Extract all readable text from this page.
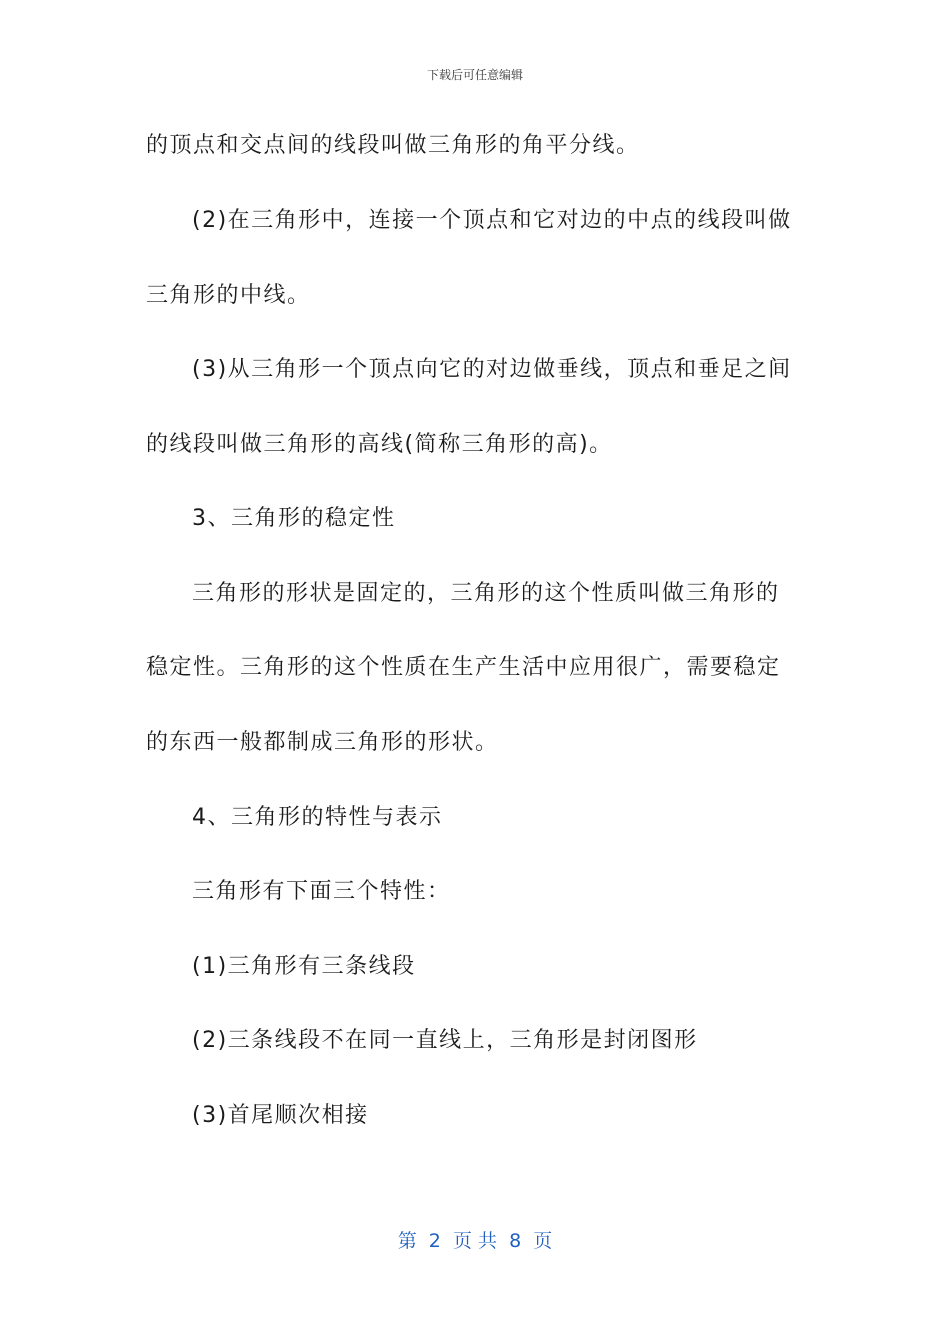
下载后可任意编辑
的顶点和交点间的线段叫做三角形的角平分线。
(2)在三角形中，连接一个顶点和它对边的中点的线段叫做
三角形的中线。
(3)从三角形一个顶点向它的对边做垂线，顶点和垂足之间
的线段叫做三角形的高线(简称三角形的高)。
3、三角形的稳定性
三角形的形状是固定的，三角形的这个性质叫做三角形的
稳定性。三角形的这个性质在生产生活中应用很广，需要稳定
的东西一般都制成三角形的形状。
4、三角形的特性与表示
三角形有下面三个特性：
(1)三角形有三条线段
(2)三条线段不在同一直线上，三角形是封闭图形
(3)首尾顺次相接
第  2  页 共  8  页
